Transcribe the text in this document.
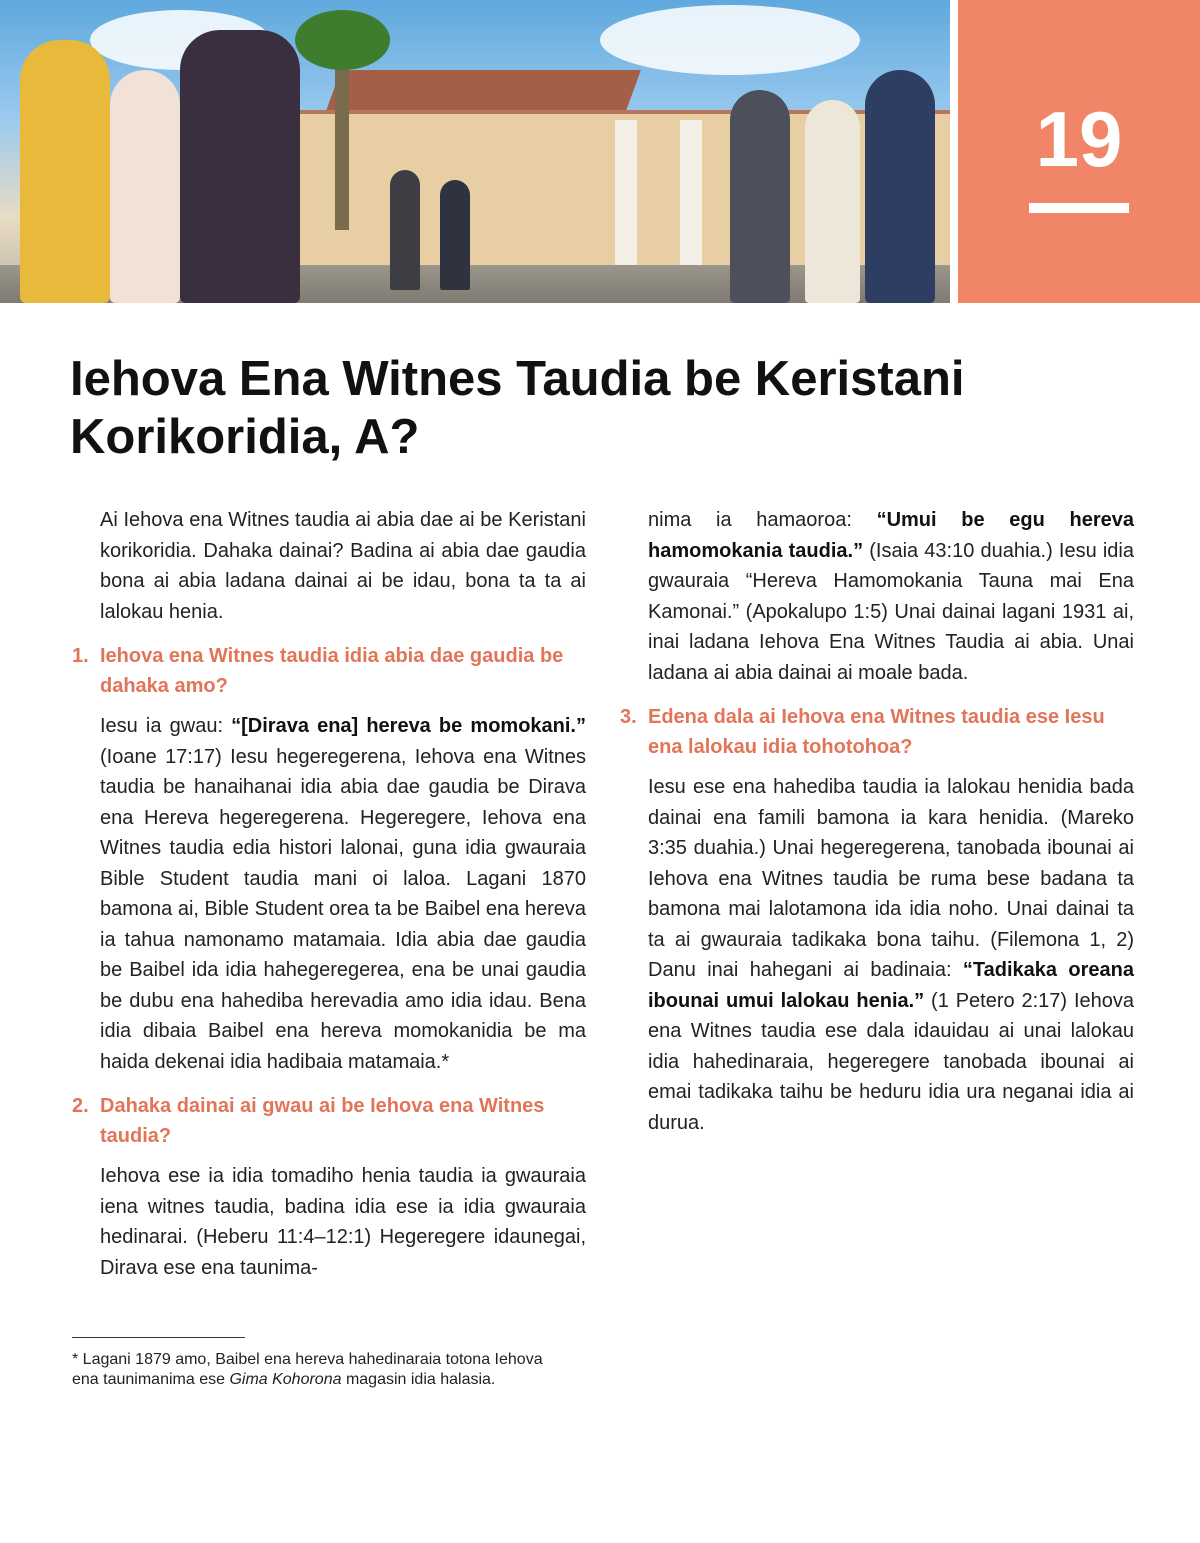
19
Iehova Ena Witnes Taudia be Keristani Korikoridia, A?

Ai Iehova ena Witnes taudia ai abia dae ai be Keristani korikoridia. Dahaka dainai? Badina ai abia dae gaudia bona ai abia ladana dainai ai be idau, bona ta ta ai lalokau henia.

1. Iehova ena Witnes taudia idia abia dae gaudia be dahaka amo?

Iesu ia gwau: “[Dirava ena] hereva be momokani.” (Ioane 17:17) Iesu hegeregerena, Iehova ena Witnes taudia be hanaihanai idia abia dae gaudia be Dirava ena Hereva hegeregerena. Hegeregere, Iehova ena Witnes taudia edia histori lalonai, guna idia gwauraia Bible Student taudia mani oi laloa. Lagani 1870 bamona ai, Bible Student orea ta be Baibel ena hereva ia tahua namonamo matamaia. Idia abia dae gaudia be Baibel ida idia hahegeregerea, ena be unai gaudia be dubu ena hahediba herevadia amo idia idau. Bena idia dibaia Baibel ena hereva momokanidia be ma haida dekenai idia hadibaia matamaia.*

2. Dahaka dainai ai gwau ai be Iehova ena Witnes taudia?

Iehova ese ia idia tomadiho henia taudia ia gwauraia iena witnes taudia, badina idia ese ia idia gwauraia hedinarai. (Heberu 11:4–12:1) Hegeregere idaunegai, Dirava ese ena taunima-

nima ia hamaoroa: “Umui be egu hereva hamomokania taudia.” (Isaia 43:10 duahia.) Iesu idia gwauraia “Hereva Hamomokania Tauna mai Ena Kamonai.” (Apokalupo 1:5) Unai dainai lagani 1931 ai, inai ladana Iehova Ena Witnes Taudia ai abia. Unai ladana ai abia dainai ai moale bada.

3. Edena dala ai Iehova ena Witnes taudia ese Iesu ena lalokau idia tohotohoa?

Iesu ese ena hahediba taudia ia lalokau henidia bada dainai ena famili bamona ia kara henidia. (Mareko 3:35 duahia.) Unai hegeregerena, tanobada ibounai ai Iehova ena Witnes taudia be ruma bese badana ta bamona mai lalotamona ida idia noho. Unai dainai ta ta ai gwauraia tadikaka bona taihu. (Filemona 1, 2) Danu inai hahegani ai badinaia: “Tadikaka oreana ibounai umui lalokau henia.” (1 Petero 2:17) Iehova ena Witnes taudia ese dala idauidau ai unai lalokau idia hahedinaraia, hegeregere tanobada ibounai ai emai tadikaka taihu be heduru idia ura neganai idia ai durua.

* Lagani 1879 amo, Baibel ena hereva hahedinaraia totona Iehova ena taunimanima ese Gima Kohorona magasin idia halasia.
